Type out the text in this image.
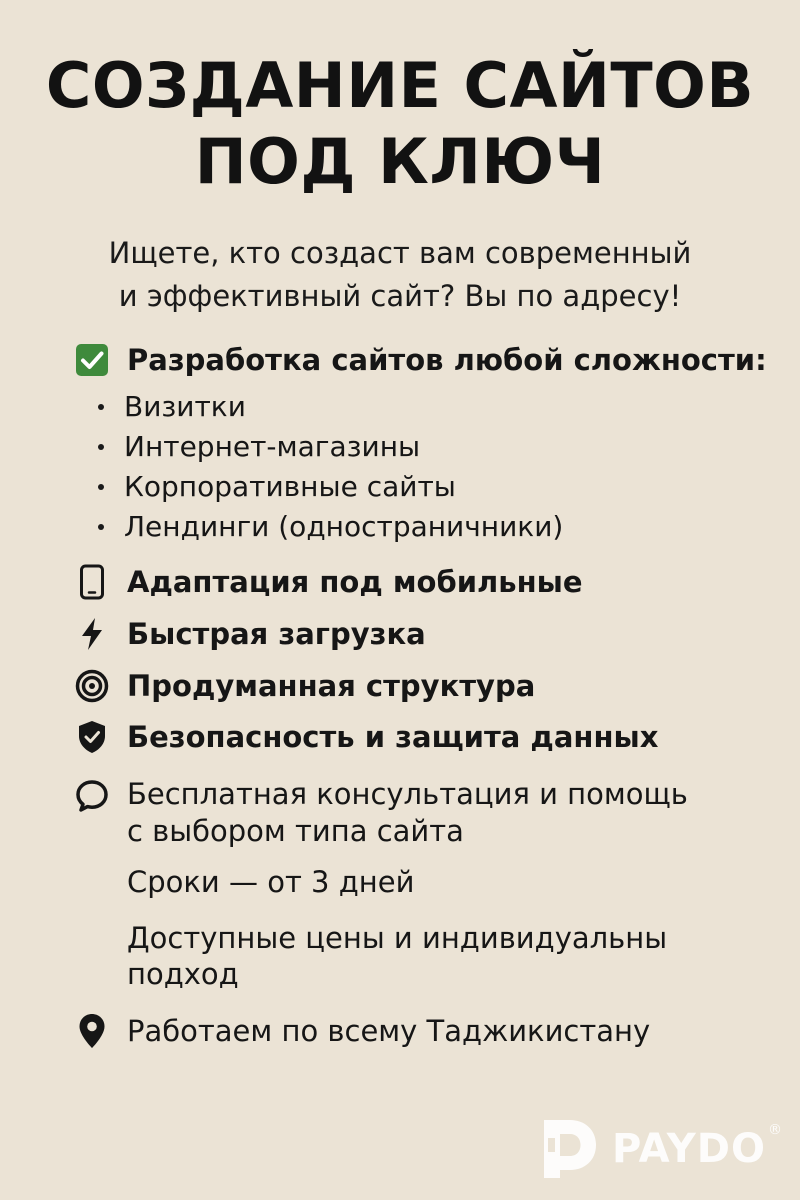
СОЗДАНИЕ САЙТОВ
ПОД КЛЮЧ
Ищете, кто создаст вам современный
и эффективный сайт? Вы по адресу!
Разработка сайтов любой сложности:
Визитки
Интернет-магазины
Корпоративные сайты
Лендинги (одностраничники)
Адаптация под мобильные
Быстрая загрузка
Продуманная структура
Безопасность и защита данных
Бесплатная консультация и помощь
с выбором типа сайта
Сроки — от 3 дней
Доступные цены и индивидуальны
подход
Работаем по всему Таджикистану
PAYDO ®
